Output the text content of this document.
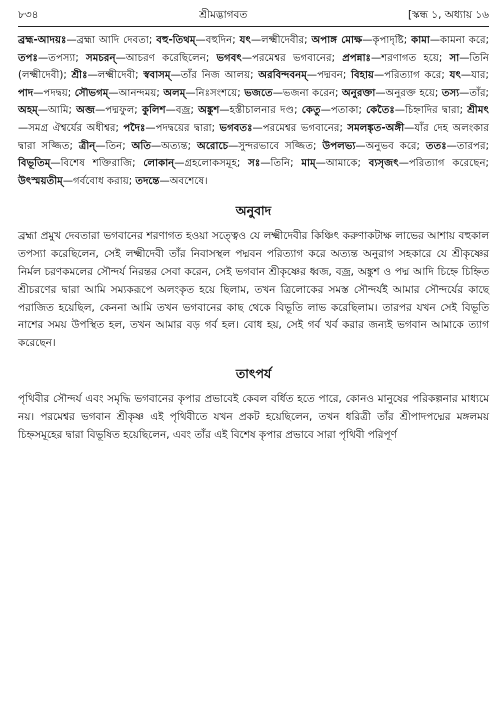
৮৩৪	শ্রীমদ্ভাগবত	[স্কন্ধ ১, অধ্যায় ১৬
ব্রহ্ম-আদয়ঃ—ব্রহ্মা আদি দেবতা; বহু-তিথম্—বহুদিন; যৎ—লক্ষ্মীদেবীর; অপাঙ্গ মোক্ষ—কৃপাদৃষ্টি; কামা—কামনা করে; তপঃ—তপস্যা; সমচরন্—আচরণ করেছিলেন; ভগবৎ—পরমেশ্বর ভগবানের; প্রপন্নাঃ—শরণাগত হয়ে; সা—তিনি (লক্ষ্মীদেবী); শ্রীঃ—লক্ষ্মীদেবী; স্ববাসম্—তাঁর নিজ আলয়; অরবিন্দবনম্—পদ্মবন; বিহায়—পরিত্যাগ করে; যৎ—যার; পাদ—পদদ্বয়; সৌভগম্—আনন্দময়; অলম্—নিঃসংশয়ে; ভজতে—ভজনা করেন; অনুরক্তা—অনুরক্ত হয়ে; তস্য—তাঁর; অহম্—আমি; অব্জ—পদ্মফুল; কুলিশ—বজ্র; অঙ্কুশ—হস্তীচালনার দণ্ড; কেতু—পতাকা; কেতৈঃ—চিহ্নাদির দ্বারা; শ্রীমৎ—সমগ্র ঐশ্বর্যের অধীশ্বর; পদৈঃ—পদদ্বয়ের দ্বারা; ভগবতঃ—পরমেশ্বর ভগবানের; সমলঙ্কৃত-অঙ্গী—যাঁর দেহ অলংকার দ্বারা সজ্জিত; ত্রীন্—তিন; অতি—অত্যন্ত; অরোচে—সুন্দরভাবে সজ্জিত; উপলভ্য—অনুভব করে; ততঃ—তারপর; বিভূতিম্—বিশেষ শক্তিরাজি; লোকান্—গ্রহলোকসমূহ; সঃ—তিনি; মাম্—আমাকে; ব্যসৃজৎ—পরিত্যাগ করেছেন; উৎস্ময়তীম্—গর্ববোধ করায়; তদন্তে—অবশেষে।
অনুবাদ
ব্রহ্মা প্রমুখ দেবতারা ভগবানের শরণাগত হওয়া সত্ত্বেও যে লক্ষ্মীদেবীর কিঞ্চিৎ করুণাকটাক্ষ লাভের আশায় বহুকাল তপস্যা করেছিলেন, সেই লক্ষ্মীদেবী তাঁর নিবাসস্থল পদ্মবন পরিত্যাগ করে অত্যন্ত অনুরাগ সহকারে যে শ্রীকৃষ্ণের নির্মল চরণকমলের সৌন্দর্য নিরন্তর সেবা করেন, সেই ভগবান শ্রীকৃষ্ণের ধ্বজ, বজ্র, অঙ্কুশ ও পদ্ম আদি চিহ্নে চিহ্নিত শ্রীচরণের দ্বারা আমি সম্যকরূপে অলংকৃত হয়ে ছিলাম, তখন ত্রিলোকের সমস্ত সৌন্দর্যই আমার সৌন্দর্যের কাছে পরাজিত হয়েছিল, কেননা আমি তখন ভগবানের কাছ থেকে বিভূতি লাভ করেছিলাম। তারপর যখন সেই বিভূতি নাশের সময় উপস্থিত হল, তখন আমার বড় গর্ব হল। বোধ হয়, সেই গর্ব খর্ব করার জন্যই ভগবান আমাকে ত্যাগ করেছেন।
তাৎপর্য
পৃথিবীর সৌন্দর্য এবং সমৃদ্ধি ভগবানের কৃপার প্রভাবেই কেবল বর্ধিত হতে পারে, কোনও মানুষের পরিকল্পনার মাধ্যমে নয়। পরমেশ্বর ভগবান শ্রীকৃষ্ণ এই পৃথিবীতে যখন প্রকট হয়েছিলেন, তখন ধরিত্রী তাঁর শ্রীপাদপদ্মের মঙ্গলময় চিহ্নসমূহের দ্বারা বিভূষিত হয়েছিলেন, এবং তাঁর এই বিশেষ কৃপার প্রভাবে সারা পৃথিবী পরিপূর্ণ
